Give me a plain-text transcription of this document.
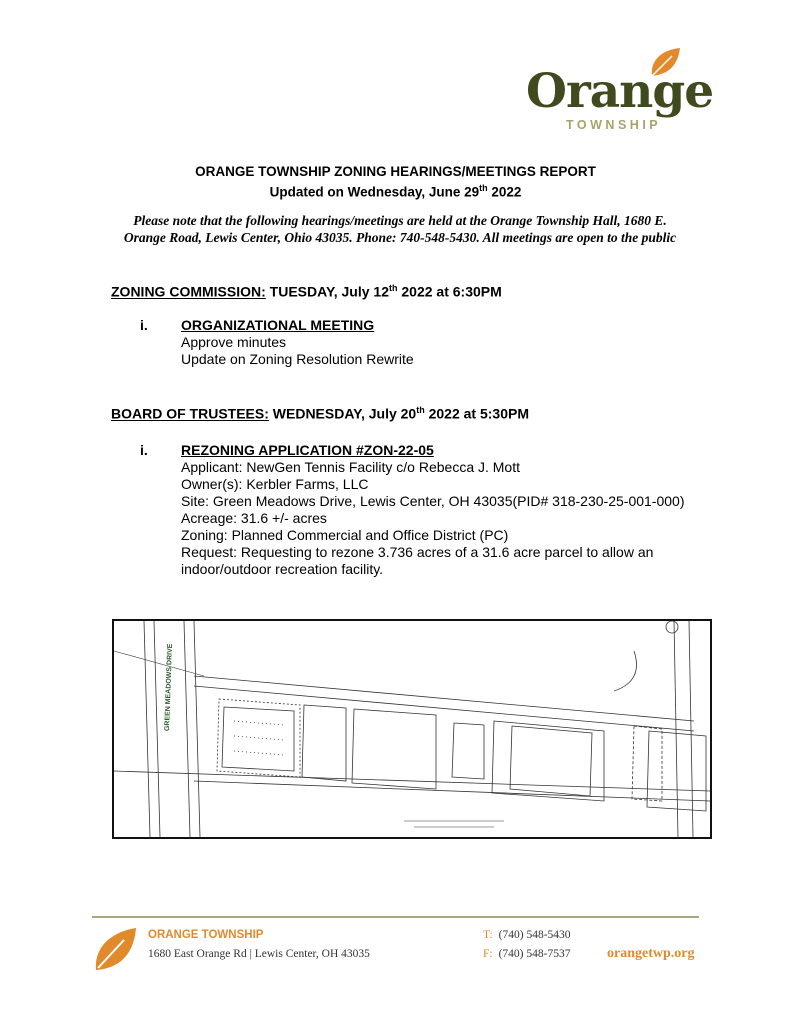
Orange
TOWNSHIP
ORANGE TOWNSHIP ZONING HEARINGS/MEETINGS REPORT
Updated on Wednesday, June 29th 2022
Please note that the following hearings/meetings are held at the Orange Township Hall, 1680 E.
Orange Road, Lewis Center, Ohio 43035. Phone: 740-548-5430. All meetings are open to the public
ZONING COMMISSION: TUESDAY, July 12th 2022 at 6:30PM
i. ORGANIZATIONAL MEETING
Approve minutes
Update on Zoning Resolution Rewrite
BOARD OF TRUSTEES: WEDNESDAY, July 20th 2022 at 5:30PM
i. REZONING APPLICATION #ZON-22-05
Applicant: NewGen Tennis Facility c/o Rebecca J. Mott
Owner(s): Kerbler Farms, LLC
Site: Green Meadows Drive, Lewis Center, OH 43035(PID# 318-230-25-001-000)
Acreage: 31.6 +/- acres
Zoning: Planned Commercial and Office District (PC)
Request: Requesting to rezone 3.736 acres of a 31.6 acre parcel to allow an indoor/outdoor recreation facility.
GREEN MEADOWS DRIVE
ORANGE TOWNSHIP
1680 East Orange Rd | Lewis Center, OH 43035
T: (740) 548-5430
F: (740) 548-7537	orangetwp.org
